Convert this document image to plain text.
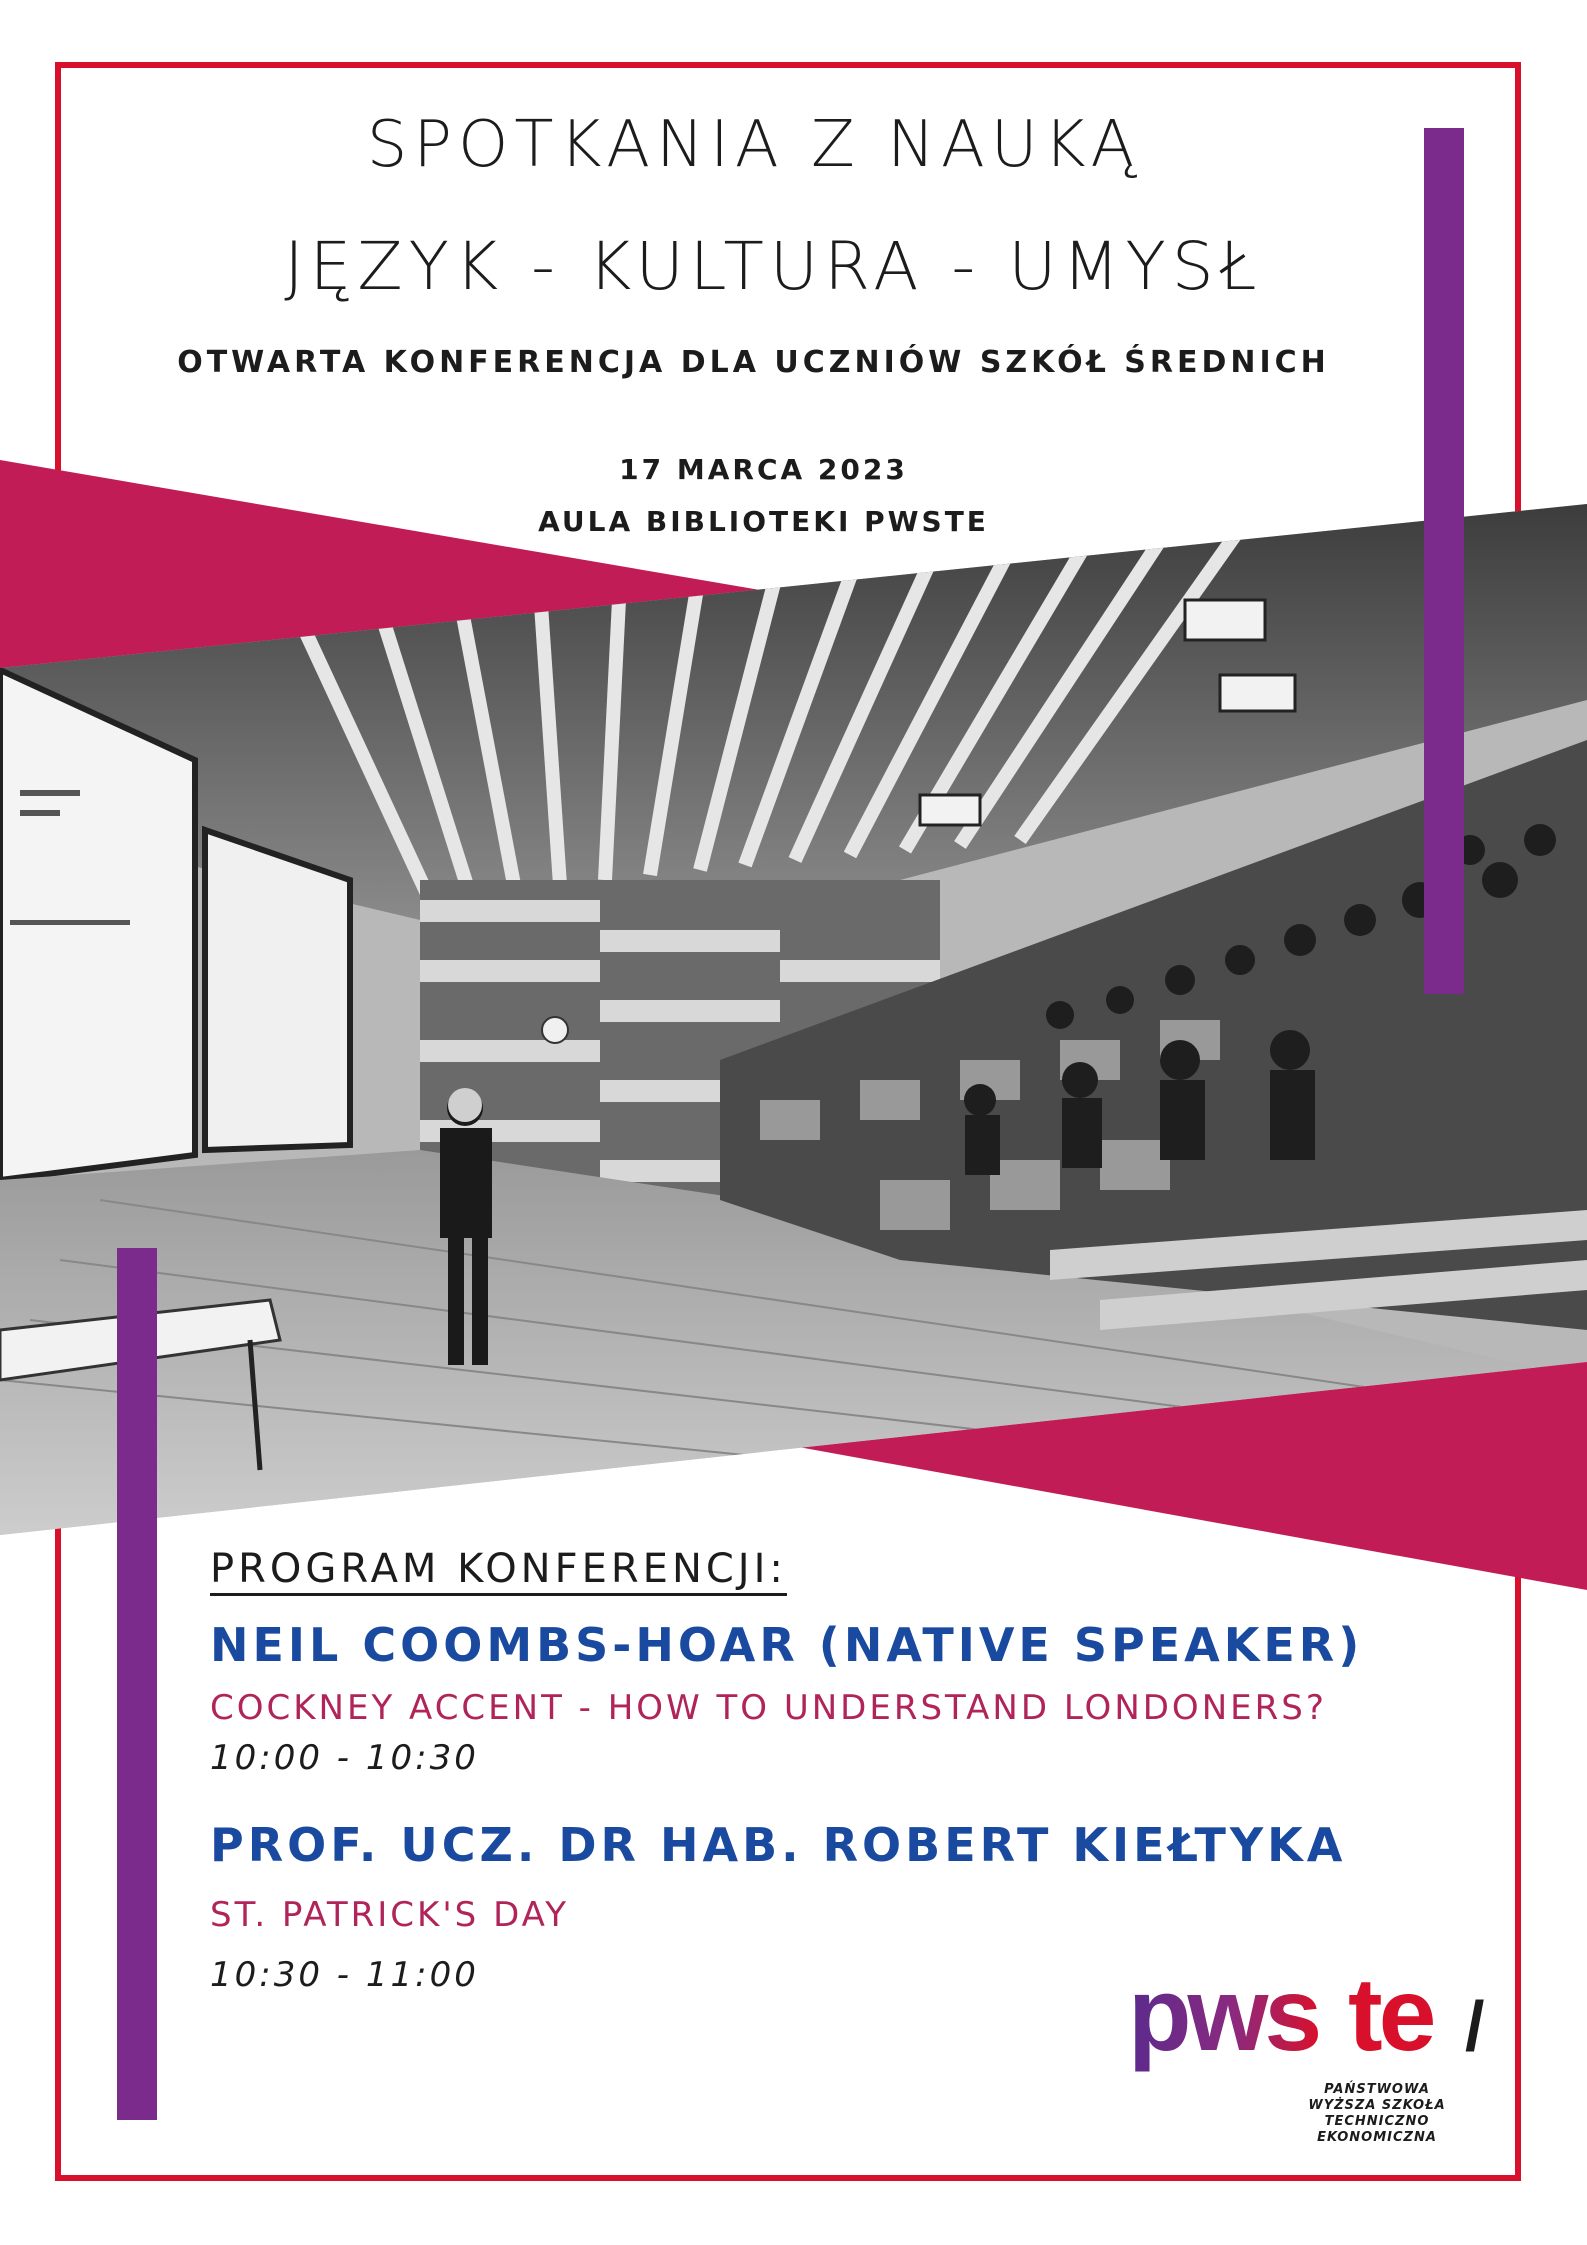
SPOTKANIA Z NAUKĄ
JĘZYK - KULTURA - UMYSŁ
OTWARTA KONFERENCJA DLA UCZNIÓW SZKÓŁ ŚREDNICH
17 MARCA 2023
AULA BIBLIOTEKI PWSTE
PROGRAM KONFERENCJI:
NEIL COOMBS-HOAR (NATIVE SPEAKER)
COCKNEY ACCENT - HOW TO UNDERSTAND LONDONERS?
10:00 - 10:30
PROF. UCZ. DR HAB. ROBERT KIEŁTYKA
ST. PATRICK'S DAY
10:30 - 11:00	pws te /
PAŃSTWOWA
WYŻSZA SZKOŁA
TECHNICZNO
EKONOMICZNA
